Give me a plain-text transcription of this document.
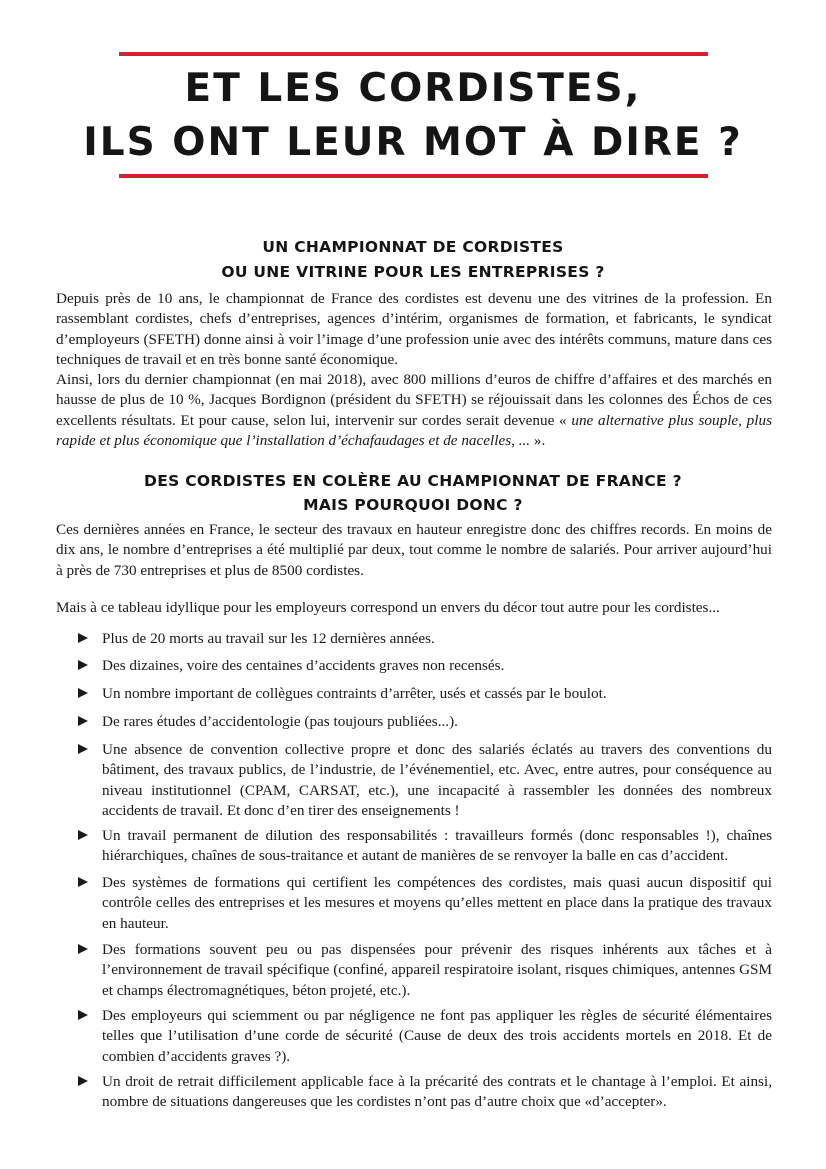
ET LES CORDISTES,
ILS ONT LEUR MOT À DIRE ?
UN CHAMPIONNAT DE CORDISTES
OU UNE VITRINE POUR LES ENTREPRISES ?

Depuis près de 10 ans, le championnat de France des cordistes est devenu une des vitrines de la profession. En rassemblant cordistes, chefs d’entreprises, agences d’intérim, organismes de formation, et fabricants, le syndicat d’employeurs (SFETH) donne ainsi à voir l’image d’une profession unie avec des intérêts communs, mature dans ces techniques de travail et en très bonne santé économique.

Ainsi, lors du dernier championnat (en mai 2018), avec 800 millions d’euros de chiffre d’affaires et des marchés en hausse de plus de 10 %, Jacques Bordignon (président du SFETH) se réjouissait dans les colonnes des Échos de ces excellents résultats. Et pour cause, selon lui, intervenir sur cordes serait devenue « une alternative plus souple, plus rapide et plus économique que l’installation d’échafaudages et de nacelles, ... ».

DES CORDISTES EN COLÈRE AU CHAMPIONNAT DE FRANCE ?
MAIS POURQUOI DONC ?

Ces dernières années en France, le secteur des travaux en hauteur enregistre donc des chiffres records. En moins de dix ans, le nombre d’entreprises a été multiplié par deux, tout comme le nombre de salariés. Pour arriver aujourd’hui à près de 730 entreprises et plus de 8500 cordistes.

Mais à ce tableau idyllique pour les employeurs correspond un envers du décor tout autre pour les cordistes...

Plus de 20 morts au travail sur les 12 dernières années.
Des dizaines, voire des centaines d’accidents graves non recensés.
Un nombre important de collègues contraints d’arrêter, usés et cassés par le boulot.
De rares études d’accidentologie (pas toujours publiées...).
Une absence de convention collective propre et donc des salariés éclatés au travers des conventions du bâtiment, des travaux publics, de l’industrie, de l’événementiel, etc. Avec, entre autres, pour conséquence au niveau institutionnel (CPAM, CARSAT, etc.), une incapacité à rassembler les données des nombreux accidents de travail. Et donc d’en tirer des enseignements !
Un travail permanent de dilution des responsabilités : travailleurs formés (donc responsables !), chaînes hiérarchiques, chaînes de sous-traitance et autant de manières de se renvoyer la balle en cas d’accident.
Des systèmes de formations qui certifient les compétences des cordistes, mais quasi aucun dispositif qui contrôle celles des entreprises et les mesures et moyens qu’elles mettent en place dans la pratique des travaux en hauteur.
Des formations souvent peu ou pas dispensées pour prévenir des risques inhérents aux tâches et à l’environnement de travail spécifique (confiné, appareil respiratoire isolant, risques chimiques, antennes GSM et champs électromagnétiques, béton projeté, etc.).
Des employeurs qui sciemment ou par négligence ne font pas appliquer les règles de sécurité élémentaires telles que l’utilisation d’une corde de sécurité (Cause de deux des trois accidents mortels en 2018. Et de combien d’accidents graves ?).
Un droit de retrait difficilement applicable face à la précarité des contrats et le chantage à l’emploi. Et ainsi, nombre de situations dangereuses que les cordistes n’ont pas d’autre choix que «d’accepter».
